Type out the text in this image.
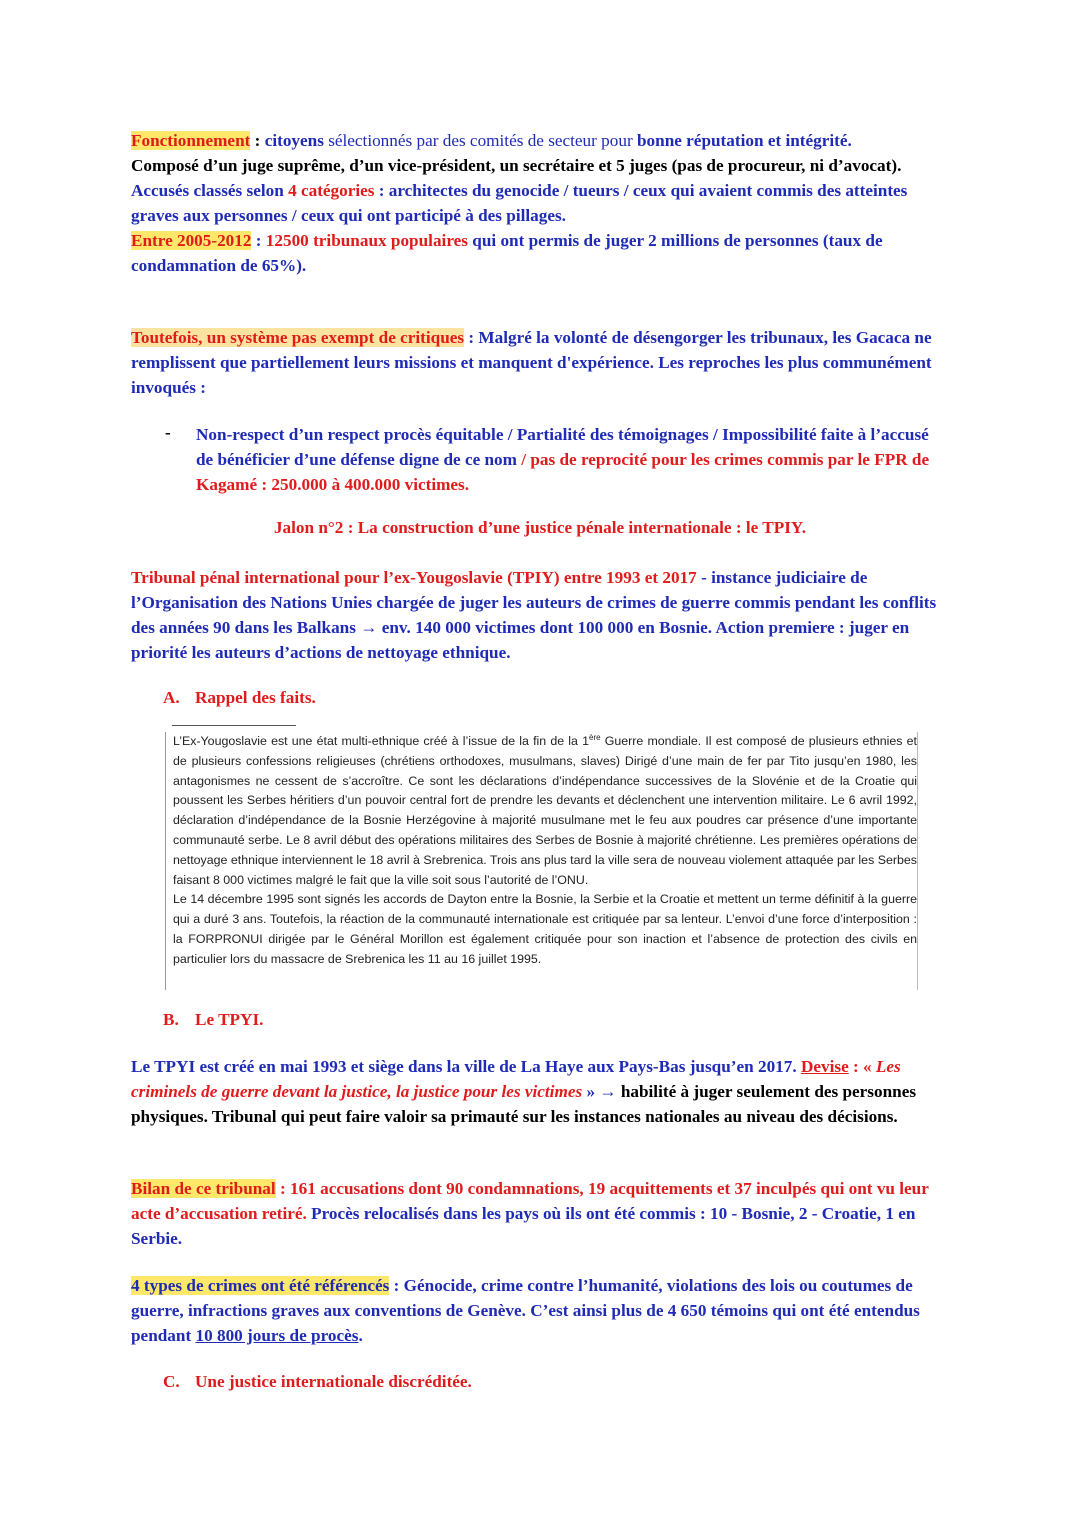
Fonctionnement : citoyens sélectionnés par des comités de secteur pour bonne réputation et intégrité.
Composé d’un juge suprême, d’un vice-président, un secrétaire et 5 juges (pas de procureur, ni d’avocat).
Accusés classés selon 4 catégories : architectes du genocide / tueurs / ceux qui avaient commis des atteintes graves aux personnes / ceux qui ont participé à des pillages.
Entre 2005-2012 : 12500 tribunaux populaires qui ont permis de juger 2 millions de personnes (taux de condamnation de 65%).

Toutefois, un système pas exempt de critiques : Malgré la volonté de désengorger les tribunaux, les Gacaca ne remplissent que partiellement leurs missions et manquent d'expérience. Les reproches les plus communément invoqués :

- Non-respect d’un respect procès équitable / Partialité des témoignages / Impossibilité faite à l’accusé de bénéficier d’une défense digne de ce nom / pas de reprocité pour les crimes commis par le FPR de Kagamé : 250.000 à 400.000 victimes.

Jalon n°2 : La construction d’une justice pénale internationale : le TPIY.

Tribunal pénal international pour l’ex-Yougoslavie (TPIY) entre 1993 et 2017 - instance judiciaire de l’Organisation des Nations Unies chargée de juger les auteurs de crimes de guerre commis pendant les conflits des années 90 dans les Balkans → env. 140 000 victimes dont 100 000 en Bosnie. Action premiere : juger en priorité les auteurs d’actions de nettoyage ethnique.

A. Rappel des faits.

L’Ex-Yougoslavie est une état multi-ethnique créé à l’issue de la fin de la 1ère Guerre mondiale. Il est composé de plusieurs ethnies et de plusieurs confessions religieuses (chrétiens orthodoxes, musulmans, slaves) Dirigé d’une main de fer par Tito jusqu’en 1980, les antagonismes ne cessent de s’accroître. Ce sont les déclarations d’indépendance successives de la Slovénie et de la Croatie qui poussent les Serbes héritiers d’un pouvoir central fort de prendre les devants et déclenchent une intervention militaire. Le 6 avril 1992, déclaration d’indépendance de la Bosnie Herzégovine à majorité musulmane met le feu aux poudres car présence d’une importante communauté serbe. Le 8 avril début des opérations militaires des Serbes de Bosnie à majorité chrétienne. Les premières opérations de nettoyage ethnique interviennent le 18 avril à Srebrenica. Trois ans plus tard la ville sera de nouveau violement attaquée par les Serbes faisant 8 000 victimes malgré le fait que la ville soit sous l’autorité de l’ONU.

Le 14 décembre 1995 sont signés les accords de Dayton entre la Bosnie, la Serbie et la Croatie et mettent un terme définitif à la guerre qui a duré 3 ans. Toutefois, la réaction de la communauté internationale est critiquée par sa lenteur. L’envoi d’une force d’interposition : la FORPRONUI dirigée par le Général Morillon est également critiquée pour son inaction et l’absence de protection des civils en particulier lors du massacre de Srebrenica les 11 au 16 juillet 1995.

B. Le TPYI.

Le TPYI est créé en mai 1993 et siège dans la ville de La Haye aux Pays-Bas jusqu’en 2017. Devise : « Les criminels de guerre devant la justice, la justice pour les victimes » → habilité à juger seulement des personnes physiques. Tribunal qui peut faire valoir sa primauté sur les instances nationales au niveau des décisions.

Bilan de ce tribunal : 161 accusations dont 90 condamnations, 19 acquittements et 37 inculpés qui ont vu leur acte d’accusation retiré. Procès relocalisés dans les pays où ils ont été commis : 10 - Bosnie, 2 - Croatie, 1 en Serbie.

4 types de crimes ont été référencés : Génocide, crime contre l’humanité, violations des lois ou coutumes de guerre, infractions graves aux conventions de Genève. C’est ainsi plus de 4 650 témoins qui ont été entendus pendant 10 800 jours de procès.

C. Une justice internationale discréditée.
